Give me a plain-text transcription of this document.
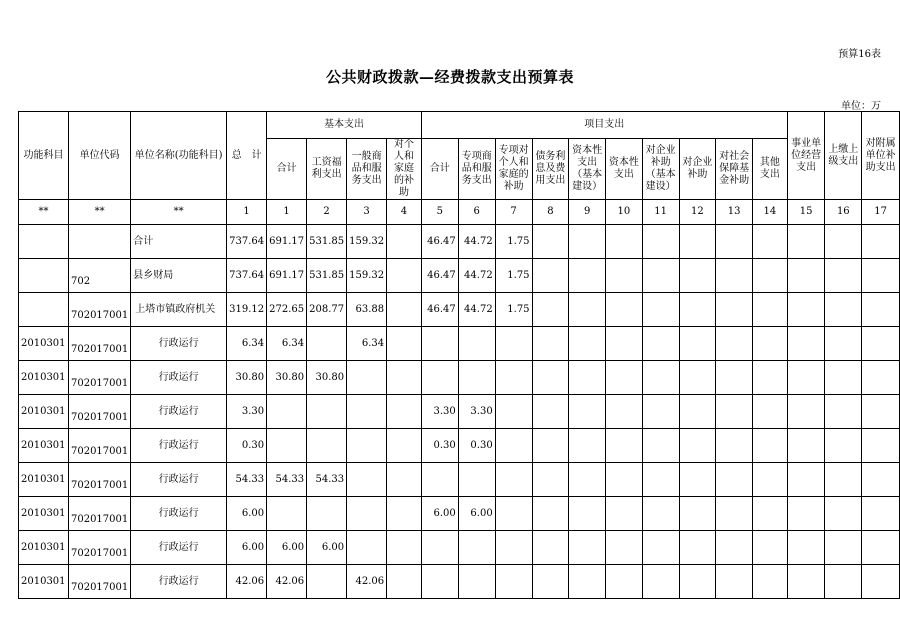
预算16表
公共财政拨款—经费拨款支出预算表
单位：万
功能科目	单位代码	单位名称(功能科目)	总　计	基本支出				项目支出										事业单位经营支出	上缴上级支出	对附属单位补助支出
				合计	工资福利支出	一般商品和服务支出	对个人和家庭的补助	合计	专项商品和服务支出	专项对个人和家庭的补助	债务利息及费用支出	资本性支出（基本建设）	资本性支出	对企业补助（基本建设）	对企业补助	对社会保障基金补助	其他支出			
**	**	**	1	1	2	3	4	5	6	7	8	9	10	11	12	13	14	15	16	17
		合计	737.64	691.17	531.85	159.32		46.47	44.72	1.75										
	702	县乡财局	737.64	691.17	531.85	159.32		46.47	44.72	1.75										
	702017001	上塔市镇政府机关	319.12	272.65	208.77	63.88		46.47	44.72	1.75										
2010301	702017001	行政运行	6.34	6.34		6.34														
2010301	702017001	行政运行	30.80	30.80	30.80															
2010301	702017001	行政运行	3.30					3.30	3.30											
2010301	702017001	行政运行	0.30					0.30	0.30											
2010301	702017001	行政运行	54.33	54.33	54.33															
2010301	702017001	行政运行	6.00					6.00	6.00											
2010301	702017001	行政运行	6.00	6.00	6.00															
2010301	702017001	行政运行	42.06	42.06		42.06														
